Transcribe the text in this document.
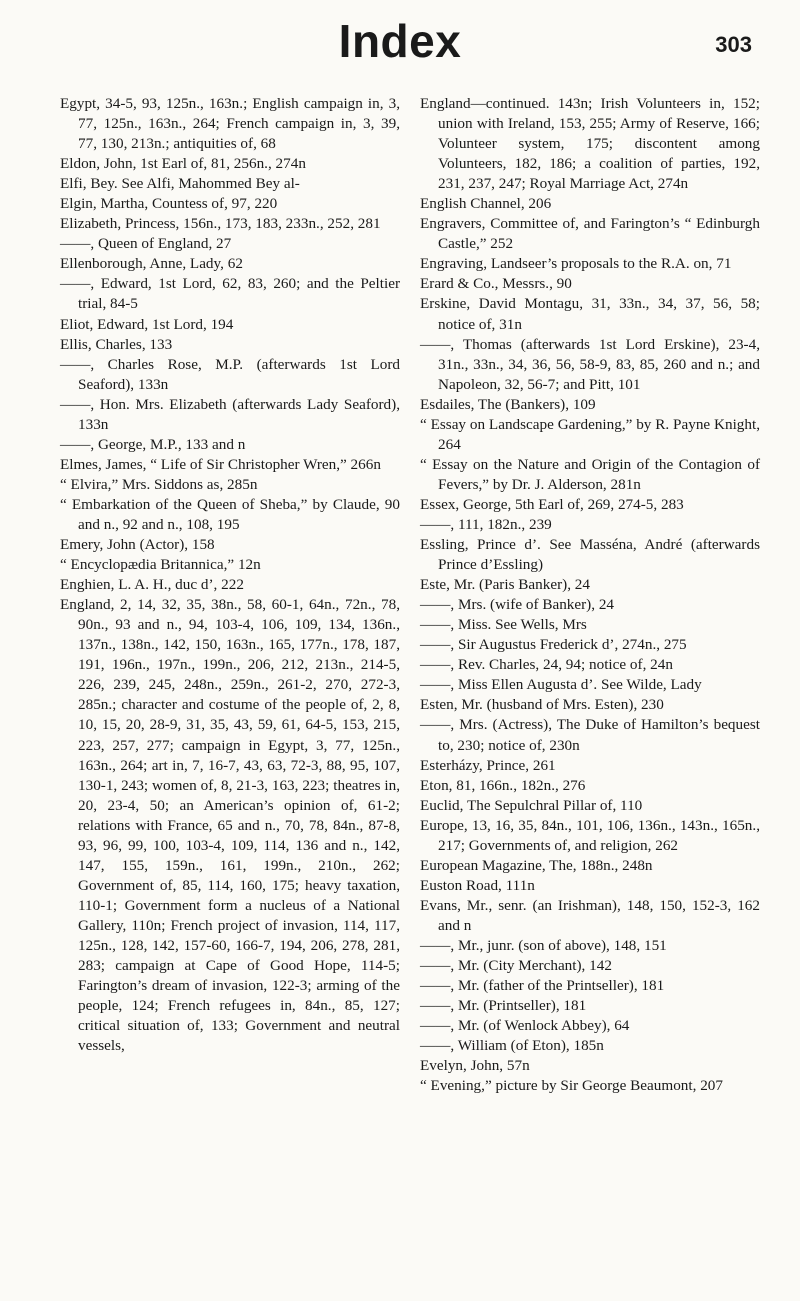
Index	303

Egypt, 34-5, 93, 125n., 163n.; English campaign in, 3, 77, 125n., 163n., 264; French campaign in, 3, 39, 77, 130, 213n.; antiquities of, 68

Eldon, John, 1st Earl of, 81, 256n., 274n

Elfi, Bey. See Alfi, Mahommed Bey al-

Elgin, Martha, Countess of, 97, 220

Elizabeth, Princess, 156n., 173, 183, 233n., 252, 281

——, Queen of England, 27

Ellenborough, Anne, Lady, 62

——, Edward, 1st Lord, 62, 83, 260; and the Peltier trial, 84-5

Eliot, Edward, 1st Lord, 194

Ellis, Charles, 133

——, Charles Rose, M.P. (afterwards 1st Lord Seaford), 133n

——, Hon. Mrs. Elizabeth (afterwards Lady Seaford), 133n

——, George, M.P., 133 and n

Elmes, James, “ Life of Sir Christopher Wren,” 266n

“ Elvira,” Mrs. Siddons as, 285n

“ Embarkation of the Queen of Sheba,” by Claude, 90 and n., 92 and n., 108, 195

Emery, John (Actor), 158

“ Encyclopædia Britannica,” 12n

Enghien, L. A. H., duc d’, 222

England, 2, 14, 32, 35, 38n., 58, 60-1, 64n., 72n., 78, 90n., 93 and n., 94, 103-4, 106, 109, 134, 136n., 137n., 138n., 142, 150, 163n., 165, 177n., 178, 187, 191, 196n., 197n., 199n., 206, 212, 213n., 214-5, 226, 239, 245, 248n., 259n., 261-2, 270, 272-3, 285n.; character and costume of the people of, 2, 8, 10, 15, 20, 28-9, 31, 35, 43, 59, 61, 64-5, 153, 215, 223, 257, 277; campaign in Egypt, 3, 77, 125n., 163n., 264; art in, 7, 16-7, 43, 63, 72-3, 88, 95, 107, 130-1, 243; women of, 8, 21-3, 163, 223; theatres in, 20, 23-4, 50; an American’s opinion of, 61-2; relations with France, 65 and n., 70, 78, 84n., 87-8, 93, 96, 99, 100, 103-4, 109, 114, 136 and n., 142, 147, 155, 159n., 161, 199n., 210n., 262; Government of, 85, 114, 160, 175; heavy taxation, 110-1; Government form a nucleus of a National Gallery, 110n; French project of invasion, 114, 117, 125n., 128, 142, 157-60, 166-7, 194, 206, 278, 281, 283; campaign at Cape of Good Hope, 114-5; Farington’s dream of invasion, 122-3; arming of the people, 124; French refugees in, 84n., 85, 127; critical situation of, 133; Government and neutral vessels,

England—continued. 143n; Irish Volunteers in, 152; union with Ireland, 153, 255; Army of Reserve, 166; Volunteer system, 175; discontent among Volunteers, 182, 186; a coalition of parties, 192, 231, 237, 247; Royal Marriage Act, 274n

English Channel, 206

Engravers, Committee of, and Farington’s “ Edinburgh Castle,” 252

Engraving, Landseer’s proposals to the R.A. on, 71

Erard & Co., Messrs., 90

Erskine, David Montagu, 31, 33n., 34, 37, 56, 58; notice of, 31n

——, Thomas (afterwards 1st Lord Erskine), 23-4, 31n., 33n., 34, 36, 56, 58-9, 83, 85, 260 and n.; and Napoleon, 32, 56-7; and Pitt, 101

Esdailes, The (Bankers), 109

“ Essay on Landscape Gardening,” by R. Payne Knight, 264

“ Essay on the Nature and Origin of the Contagion of Fevers,” by Dr. J. Alderson, 281n

Essex, George, 5th Earl of, 269, 274-5, 283

——, 111, 182n., 239

Essling, Prince d’. See Masséna, André (afterwards Prince d’Essling)

Este, Mr. (Paris Banker), 24

——, Mrs. (wife of Banker), 24

——, Miss. See Wells, Mrs

——, Sir Augustus Frederick d’, 274n., 275

——, Rev. Charles, 24, 94; notice of, 24n

——, Miss Ellen Augusta d’. See Wilde, Lady

Esten, Mr. (husband of Mrs. Esten), 230

——, Mrs. (Actress), The Duke of Hamilton’s bequest to, 230; notice of, 230n

Esterházy, Prince, 261

Eton, 81, 166n., 182n., 276

Euclid, The Sepulchral Pillar of, 110

Europe, 13, 16, 35, 84n., 101, 106, 136n., 143n., 165n., 217; Governments of, and religion, 262

European Magazine, The, 188n., 248n

Euston Road, 111n

Evans, Mr., senr. (an Irishman), 148, 150, 152-3, 162 and n

——, Mr., junr. (son of above), 148, 151

——, Mr. (City Merchant), 142

——, Mr. (father of the Printseller), 181

——, Mr. (Printseller), 181

——, Mr. (of Wenlock Abbey), 64

——, William (of Eton), 185n

Evelyn, John, 57n

“ Evening,” picture by Sir George Beaumont, 207
